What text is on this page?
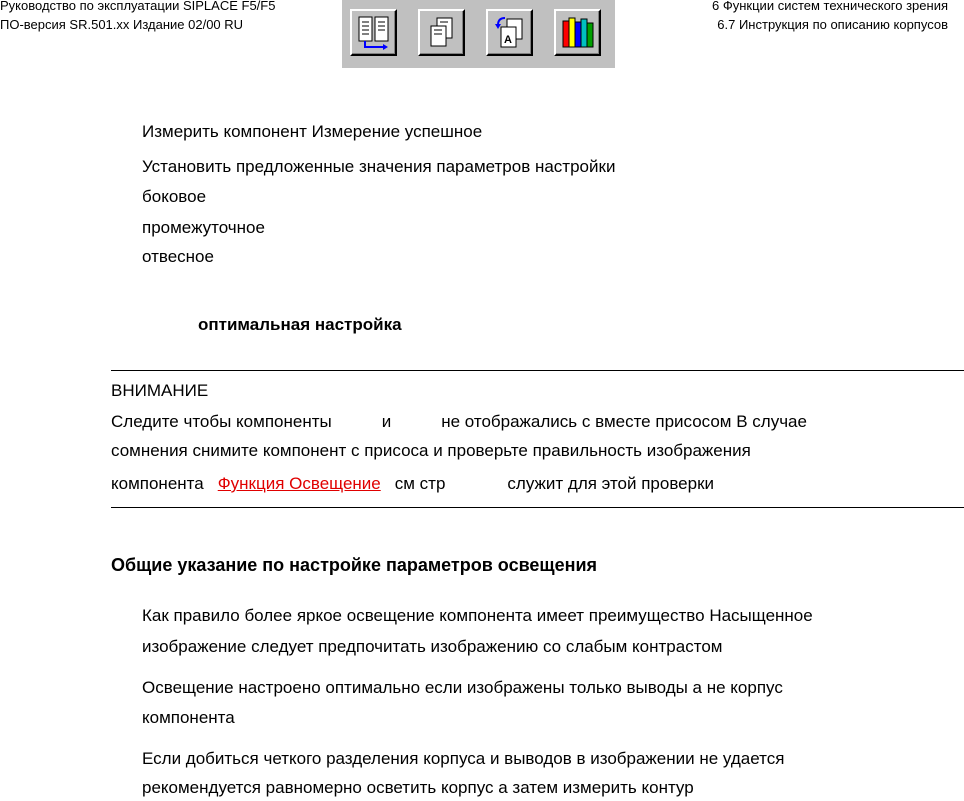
Руководство по эксплуатации SIPLACE F5/F5
ПО-версия SR.501.xx Издание 02/00 RU
6 Функции систем технического зрения
6.7 Инструкция по описанию корпусов
A
Измерить компонент Измерение успешное
Установить предложенные значения параметров настройки
боковое
промежуточное
отвесное
оптимальная настройка
ВНИМАНИЕ
Следите чтобы компоненты	и	не отображались с вместе присосом В случае
сомнения снимите компонент с присоса и проверьте правильность изображения
компонента Функция Освещение см стр	служит для этой проверки
Общие указание по настройке параметров освещения
Как правило более яркое освещение компонента имеет преимущество Насыщенное
изображение следует предпочитать изображению со слабым контрастом
Освещение настроено оптимально если изображены только выводы а не корпус
компонента
Если добиться четкого разделения корпуса и выводов в изображении не удается
рекомендуется равномерно осветить корпус а затем измерить контур
